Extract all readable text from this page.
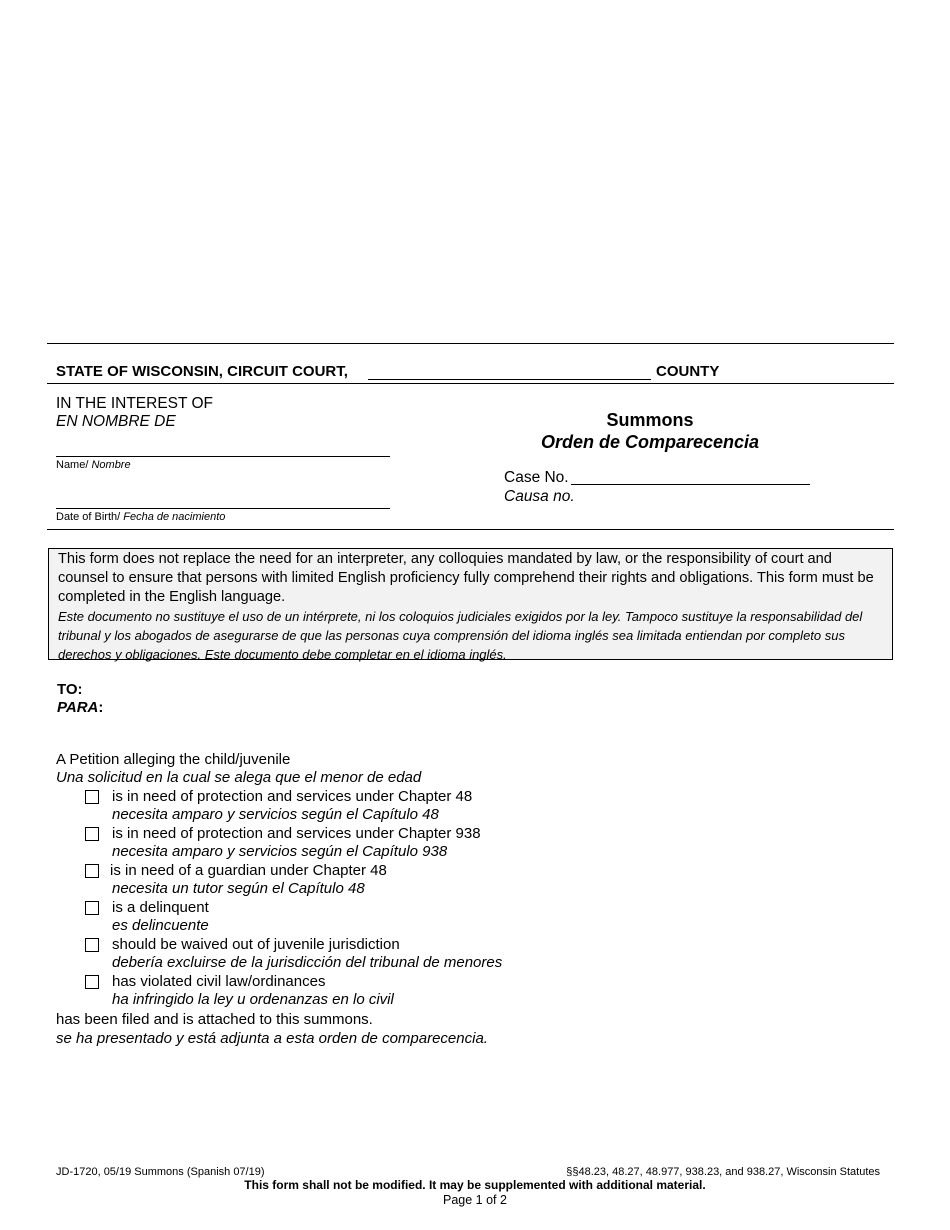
STATE OF WISCONSIN, CIRCUIT COURT,	COUNTY
IN THE INTEREST OF
EN NOMBRE DE
Name/ Nombre
Date of Birth/ Fecha de nacimiento
Summons
Orden de Comparecencia
Case No.
Causa no.
This form does not replace the need for an interpreter, any colloquies mandated by law, or the responsibility of court and counsel to ensure that persons with limited English proficiency fully comprehend their rights and obligations. This form must be completed in the English language.
Este documento no sustituye el uso de un intérprete, ni los coloquios judiciales exigidos por la ley. Tampoco sustituye la responsabilidad del tribunal y los abogados de asegurarse de que las personas cuya comprensión del idioma inglés sea limitada entiendan por completo sus derechos y obligaciones. Este documento debe completar en el idioma inglés.
TO:
PARA:
A Petition alleging the child/juvenile
Una solicitud en la cual se alega que el menor de edad
is in need of protection and services under Chapter 48
necesita amparo y servicios según el Capítulo 48
is in need of protection and services under Chapter 938
necesita amparo y servicios según el Capítulo 938
is in need of a guardian under Chapter 48
necesita un tutor según el Capítulo 48
is a delinquent
es delincuente
should be waived out of juvenile jurisdiction
debería excluirse de la jurisdicción del tribunal de menores
has violated civil law/ordinances
ha infringido la ley u ordenanzas en lo civil
has been filed and is attached to this summons.
se ha presentado y está adjunta a esta orden de comparecencia.
JD-1720, 05/19 Summons (Spanish 07/19)	§§48.23, 48.27, 48.977, 938.23, and 938.27, Wisconsin Statutes
This form shall not be modified. It may be supplemented with additional material.
Page 1 of 2
